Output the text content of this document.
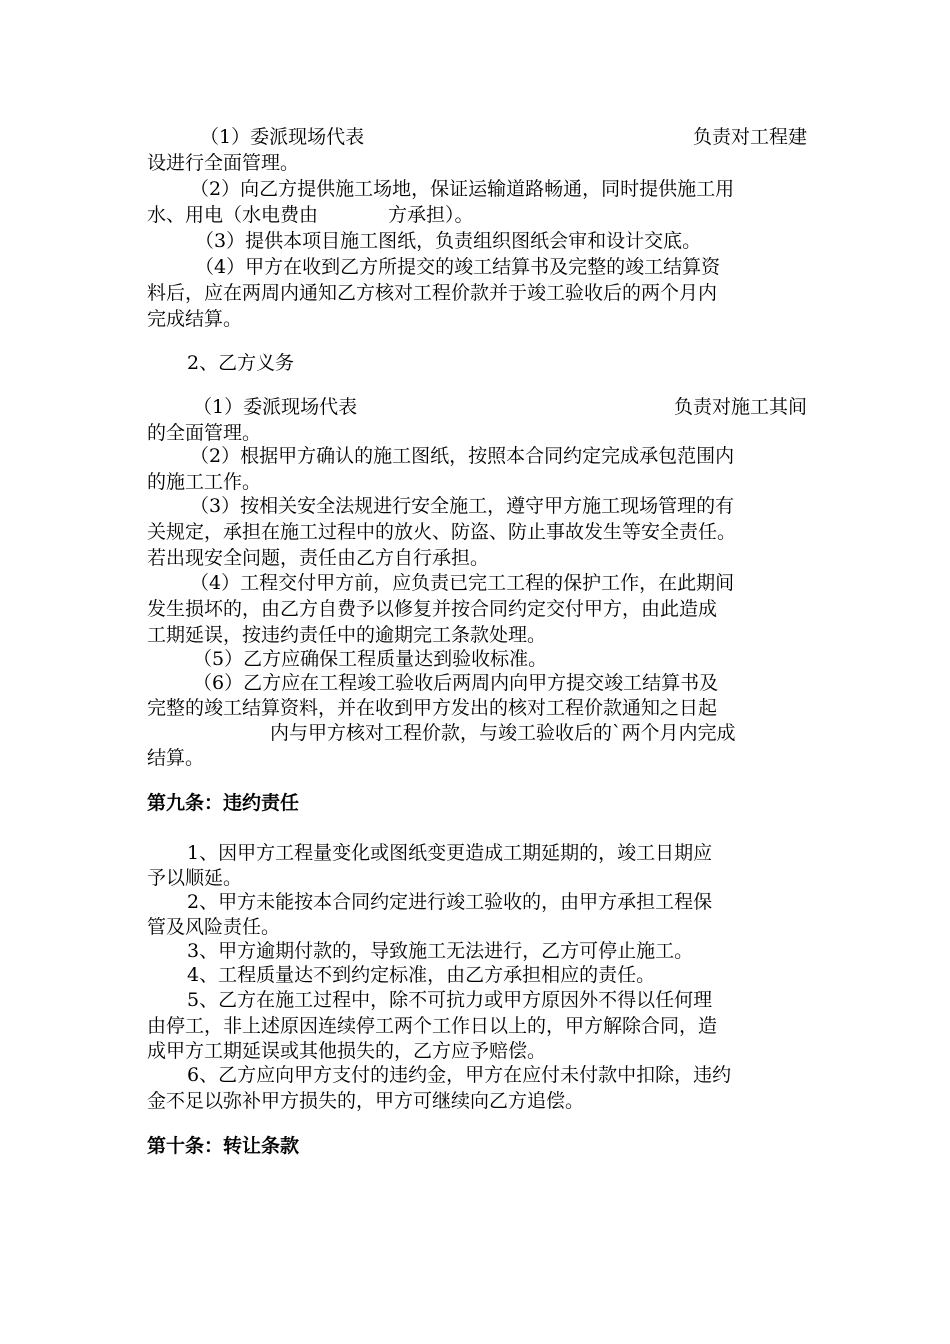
（1）委派现场代表	负责对工程建
设进行全面管理。
（2）向乙方提供施工场地，保证运输道路畅通，同时提供施工用
水、用电（水电费由	方承担）。
（3）提供本项目施工图纸，负责组织图纸会审和设计交底。
（4）甲方在收到乙方所提交的竣工结算书及完整的竣工结算资
料后，应在两周内通知乙方核对工程价款并于竣工验收后的两个月内
完成结算。
2、乙方义务
（1）委派现场代表	负责对施工其间
的全面管理。
（2）根据甲方确认的施工图纸，按照本合同约定完成承包范围内
的施工工作。
（3）按相关安全法规进行安全施工，遵守甲方施工现场管理的有
关规定，承担在施工过程中的放火、防盗、防止事故发生等安全责任。
若出现安全问题，责任由乙方自行承担。
（4）工程交付甲方前，应负责已完工工程的保护工作，在此期间
发生损坏的，由乙方自费予以修复并按合同约定交付甲方，由此造成
工期延误，按违约责任中的逾期完工条款处理。
（5）乙方应确保工程质量达到验收标准。
（6）乙方应在工程竣工验收后两周内向甲方提交竣工结算书及
完整的竣工结算资料，并在收到甲方发出的核对工程价款通知之日起
内与甲方核对工程价款，与竣工验收后的`两个月内完成
结算。
第九条：违约责任
1、因甲方工程量变化或图纸变更造成工期延期的，竣工日期应
予以顺延。
2、甲方未能按本合同约定进行竣工验收的，由甲方承担工程保
管及风险责任。
3、甲方逾期付款的，导致施工无法进行，乙方可停止施工。
4、工程质量达不到约定标准，由乙方承担相应的责任。
5、乙方在施工过程中，除不可抗力或甲方原因外不得以任何理
由停工，非上述原因连续停工两个工作日以上的，甲方解除合同，造
成甲方工期延误或其他损失的，乙方应予赔偿。
6、乙方应向甲方支付的违约金，甲方在应付未付款中扣除，违约
金不足以弥补甲方损失的，甲方可继续向乙方追偿。
第十条：转让条款
